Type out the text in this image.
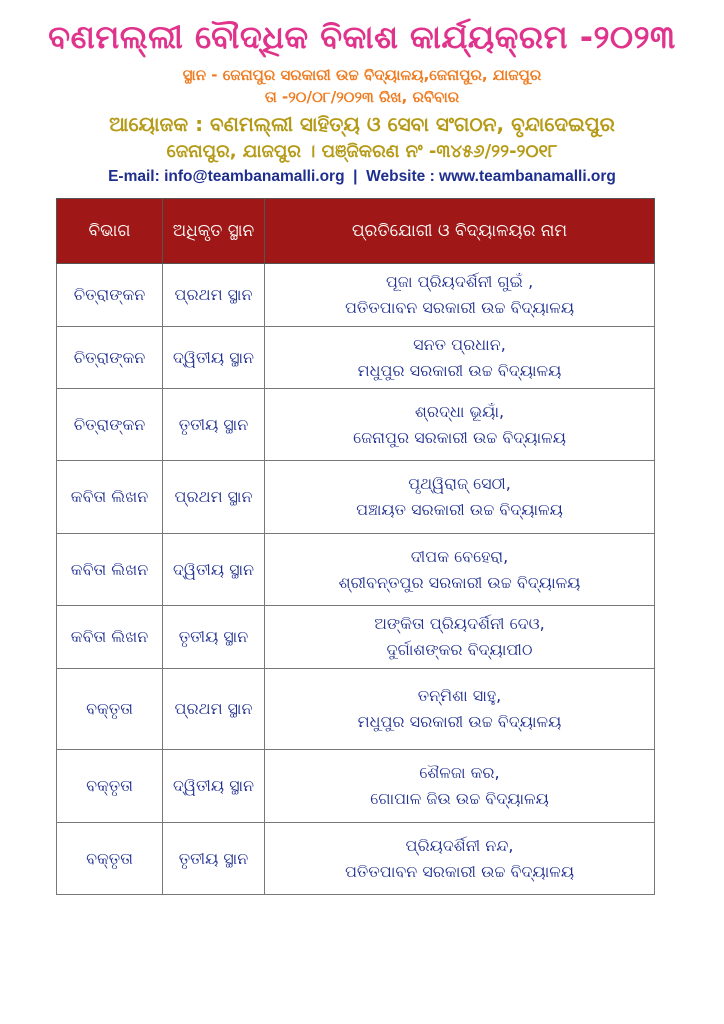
ବଣମଲ୍ଲୀ ବୌଦ୍ଧିକ ବିକାଶ କାର୍ଯ୍ୟକ୍ରମ -୨୦୨୩
ସ୍ଥାନ - ଜେନାପୁର ସରକାରୀ ଉଚ୍ଚ ବିଦ୍ୟାଳୟ,ଜେନାପୁର, ଯାଜପୁର
ତା -୨୦/୦୮/୨୦୨୩ ରିଖ, ରବିବାର
ଆୟୋଜକ : ବଣମଲ୍ଲୀ ସାହିତ୍ୟ ଓ ସେବା ସଂଗଠନ, ବୃନ୍ଦାଦେଇପୁର
ଜେନାପୁର, ଯାଜପୁର । ପଞ୍ଜିକରଣ ନଂ -୩୪୫୬/୨୨-୨୦୧୮
E-mail: info@teambanamalli.org  |  Website : www.teambanamalli.org
ବିଭାଗ	ଅଧିକୃତ ସ୍ଥାନ	ପ୍ରତିଯୋଗୀ ଓ ବିଦ୍ୟାଳୟର ନାମ
ଚିତ୍ରାଙ୍କନ	ପ୍ରଥମ ସ୍ଥାନ	ପୂଜା ପ୍ରିୟଦର୍ଶିନୀ ଗୁଇଁ ,
ପତିତପାବନ ସରକାରୀ ଉଚ୍ଚ ବିଦ୍ୟାଳୟ

ଚିତ୍ରାଙ୍କନ	ଦ୍ୱିତୀୟ ସ୍ଥାନ	ସନତ ପ୍ରଧାନ,
ମଧୁପୁର ସରକାରୀ ଉଚ୍ଚ ବିଦ୍ୟାଳୟ

ଚିତ୍ରାଙ୍କନ	ତୃତୀୟ ସ୍ଥାନ	ଶ୍ରଦ୍ଧା ଭୂୟାଁ,
ଜେନାପୁର ସରକାରୀ ଉଚ୍ଚ ବିଦ୍ୟାଳୟ

କବିତା ଲିଖନ	ପ୍ରଥମ ସ୍ଥାନ	ପୃଥ୍ୱିରାଜ୍ ସେଠୀ,
ପଞ୍ଚାୟତ ସରକାରୀ ଉଚ୍ଚ ବିଦ୍ୟାଳୟ

କବିତା ଲିଖନ	ଦ୍ୱିତୀୟ ସ୍ଥାନ	ଦୀପକ ବେହେରା,
ଶ୍ରୀବନ୍ତପୁର ସରକାରୀ ଉଚ୍ଚ ବିଦ୍ୟାଳୟ

କବିତା ଲିଖନ	ତୃତୀୟ ସ୍ଥାନ	ଅଙ୍କିତା ପ୍ରିୟଦର୍ଶିନୀ ଦେଓ,
ଦୁର୍ଗାଶଙ୍କର ବିଦ୍ୟାପୀଠ

ବକ୍ତୃତା	ପ୍ରଥମ ସ୍ଥାନ	ତନ୍ମିଶା ସାହୁ,
ମଧୁପୁର ସରକାରୀ ଉଚ୍ଚ ବିଦ୍ୟାଳୟ

ବକ୍ତୃତା	ଦ୍ୱିତୀୟ ସ୍ଥାନ	ଶୈଳଜା କର,
ଗୋପାଳ ଜିଉ ଉଚ୍ଚ ବିଦ୍ୟାଳୟ

ବକ୍ତୃତା	ତୃତୀୟ ସ୍ଥାନ	ପ୍ରିୟଦର୍ଶିନୀ ନନ୍ଦ,
ପତିତପାବନ ସରକାରୀ ଉଚ୍ଚ ବିଦ୍ୟାଳୟ
